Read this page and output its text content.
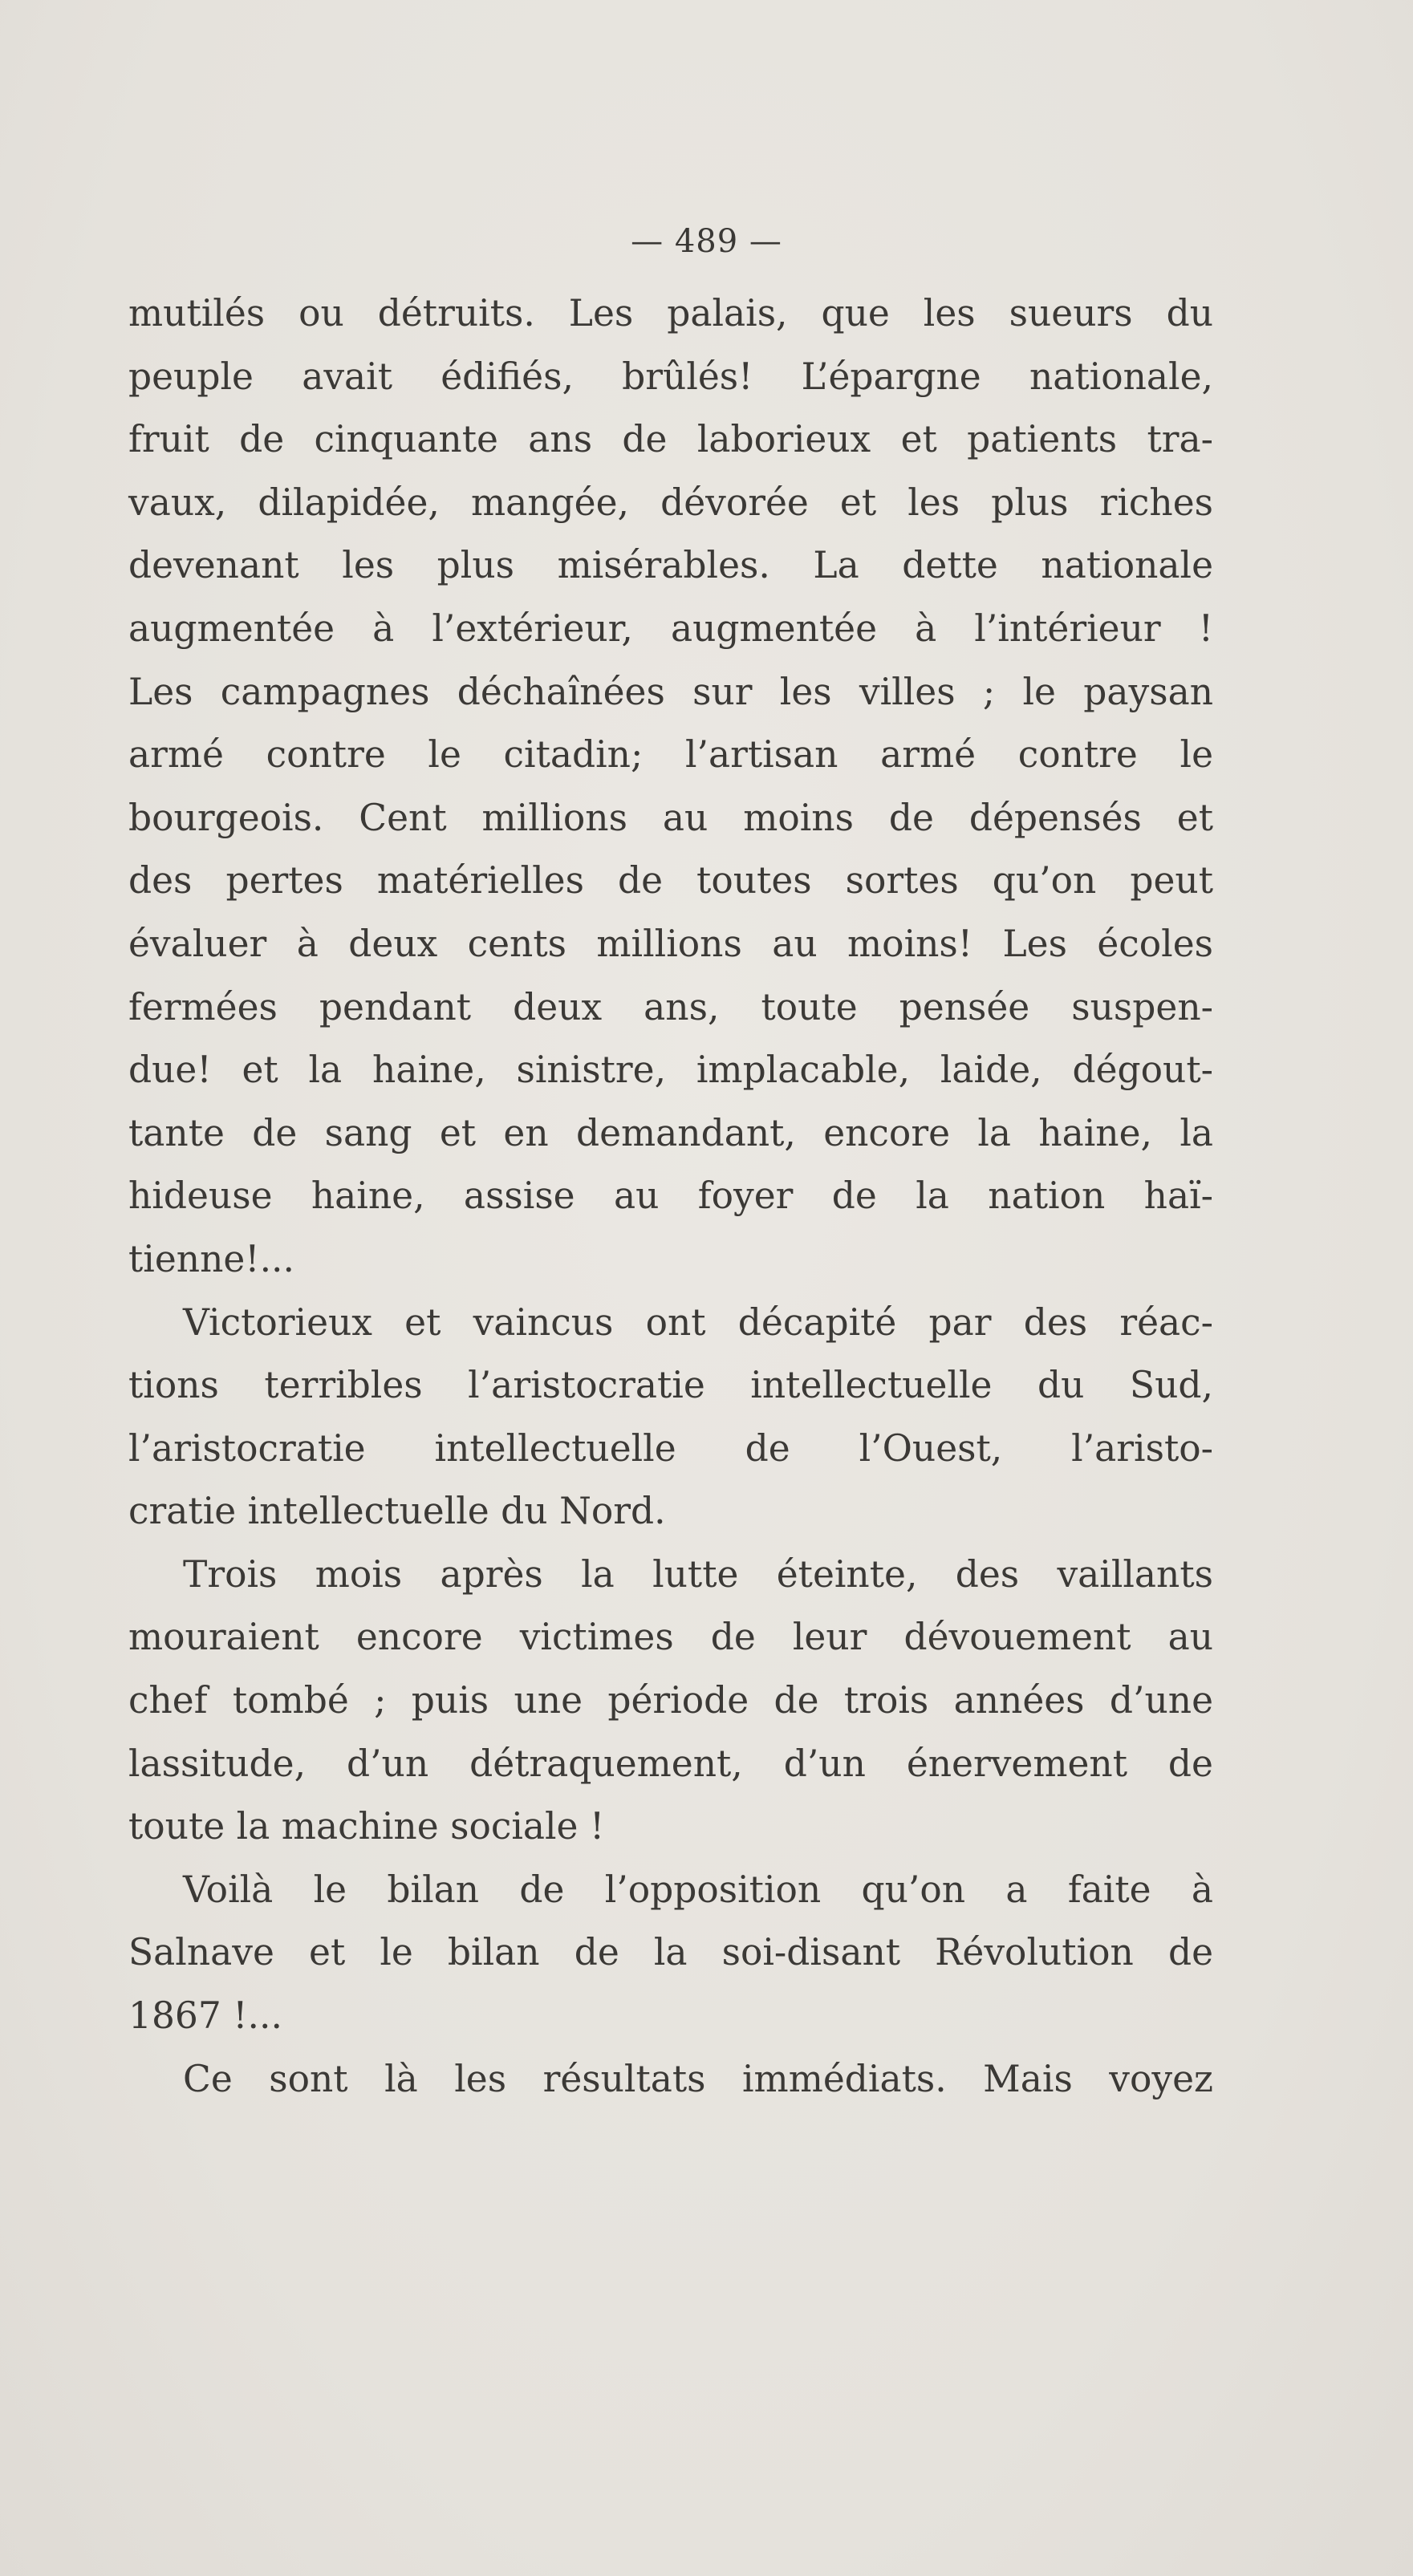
— 489 —
mutilés ou détruits. Les palais, que les sueurs du
peuple avait édifiés, brûlés! L’épargne nationale,
fruit de cinquante ans de laborieux et patients tra-
vaux, dilapidée, mangée, dévorée et les plus riches
devenant les plus misérables. La dette nationale
augmentée à l’extérieur, augmentée à l’intérieur !
Les campagnes déchaînées sur les villes ; le paysan
armé contre le citadin; l’artisan armé contre le
bourgeois. Cent millions au moins de dépensés et
des pertes matérielles de toutes sortes qu’on peut
évaluer à deux cents millions au moins! Les écoles
fermées pendant deux ans, toute pensée suspen-
due! et la haine, sinistre, implacable, laide, dégout-
tante de sang et en demandant, encore la haine, la
hideuse haine, assise au foyer de la nation haï-
tienne!...
Victorieux et vaincus ont décapité par des réac-
tions terribles l’aristocratie intellectuelle du Sud,
l’aristocratie intellectuelle de l’Ouest, l’aristo-
cratie intellectuelle du Nord.
Trois mois après la lutte éteinte, des vaillants
mouraient encore victimes de leur dévouement au
chef tombé ; puis une période de trois années d’une
lassitude, d’un détraquement, d’un énervement de
toute la machine sociale !
Voilà le bilan de l’opposition qu’on a faite à
Salnave et le bilan de la soi-disant Révolution de
1867 !...
Ce sont là les résultats immédiats. Mais voyez
